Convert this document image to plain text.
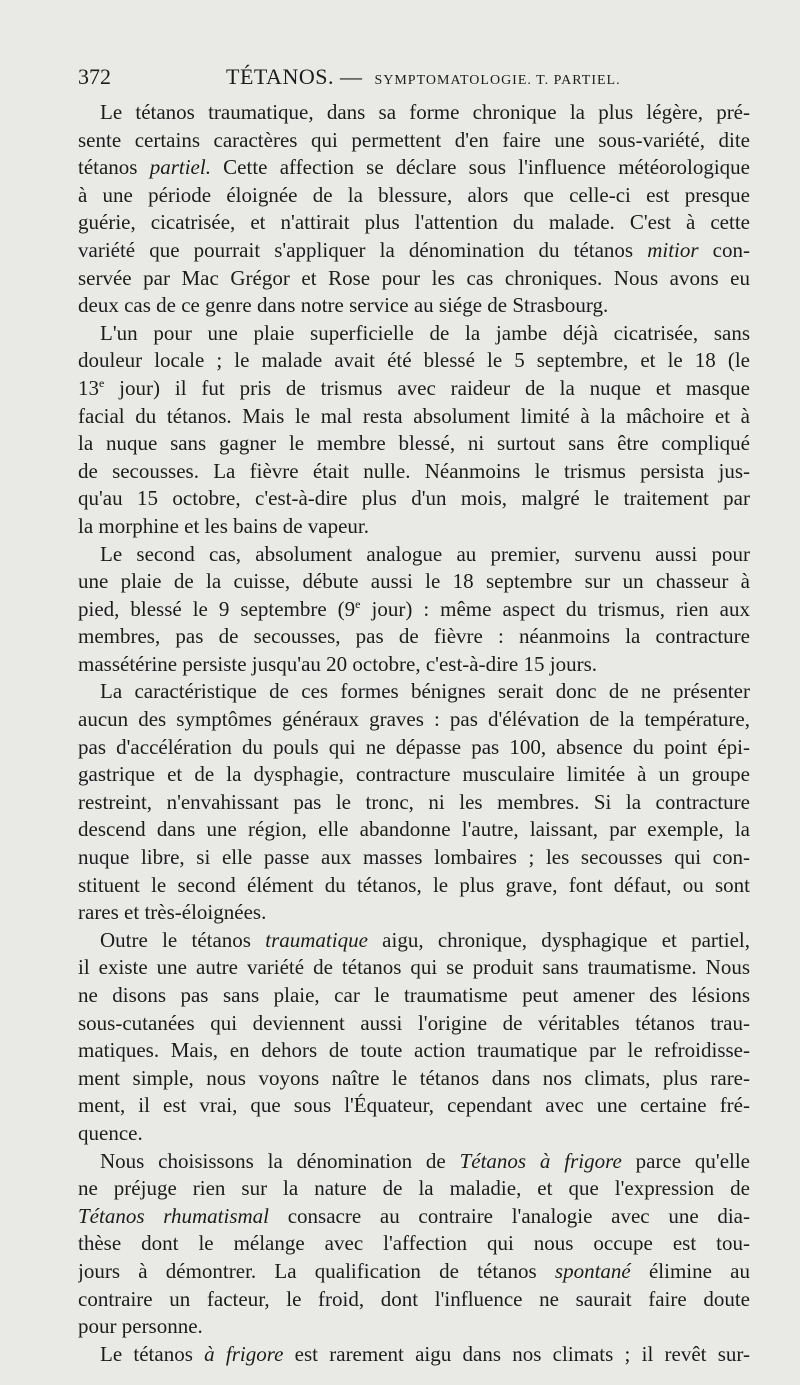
372	TÉTANOS. — SYMPTOMATOLOGIE. T. PARTIEL.
Le tétanos traumatique, dans sa forme chronique la plus légère, pré-
sente certains caractères qui permettent d'en faire une sous-variété, dite
tétanos partiel. Cette affection se déclare sous l'influence météorologique
à une période éloignée de la blessure, alors que celle-ci est presque
guérie, cicatrisée, et n'attirait plus l'attention du malade. C'est à cette
variété que pourrait s'appliquer la dénomination du tétanos mitior con-
servée par Mac Grégor et Rose pour les cas chroniques. Nous avons eu
deux cas de ce genre dans notre service au siége de Strasbourg.
L'un pour une plaie superficielle de la jambe déjà cicatrisée, sans
douleur locale ; le malade avait été blessé le 5 septembre, et le 18 (le
13e jour) il fut pris de trismus avec raideur de la nuque et masque
facial du tétanos. Mais le mal resta absolument limité à la mâchoire et à
la nuque sans gagner le membre blessé, ni surtout sans être compliqué
de secousses. La fièvre était nulle. Néanmoins le trismus persista jus-
qu'au 15 octobre, c'est-à-dire plus d'un mois, malgré le traitement par
la morphine et les bains de vapeur.
Le second cas, absolument analogue au premier, survenu aussi pour
une plaie de la cuisse, débute aussi le 18 septembre sur un chasseur à
pied, blessé le 9 septembre (9e jour) : même aspect du trismus, rien aux
membres, pas de secousses, pas de fièvre : néanmoins la contracture
massétérine persiste jusqu'au 20 octobre, c'est-à-dire 15 jours.
La caractéristique de ces formes bénignes serait donc de ne présenter
aucun des symptômes généraux graves : pas d'élévation de la température,
pas d'accélération du pouls qui ne dépasse pas 100, absence du point épi-
gastrique et de la dysphagie, contracture musculaire limitée à un groupe
restreint, n'envahissant pas le tronc, ni les membres. Si la contracture
descend dans une région, elle abandonne l'autre, laissant, par exemple, la
nuque libre, si elle passe aux masses lombaires ; les secousses qui con-
stituent le second élément du tétanos, le plus grave, font défaut, ou sont
rares et très-éloignées.
Outre le tétanos traumatique aigu, chronique, dysphagique et partiel,
il existe une autre variété de tétanos qui se produit sans traumatisme. Nous
ne disons pas sans plaie, car le traumatisme peut amener des lésions
sous-cutanées qui deviennent aussi l'origine de véritables tétanos trau-
matiques. Mais, en dehors de toute action traumatique par le refroidisse-
ment simple, nous voyons naître le tétanos dans nos climats, plus rare-
ment, il est vrai, que sous l'Équateur, cependant avec une certaine fré-
quence.
Nous choisissons la dénomination de Tétanos à frigore parce qu'elle
ne préjuge rien sur la nature de la maladie, et que l'expression de
Tétanos rhumatismal consacre au contraire l'analogie avec une dia-
thèse dont le mélange avec l'affection qui nous occupe est tou-
jours à démontrer. La qualification de tétanos spontané élimine au
contraire un facteur, le froid, dont l'influence ne saurait faire doute
pour personne.
Le tétanos à frigore est rarement aigu dans nos climats ; il revêt sur-
